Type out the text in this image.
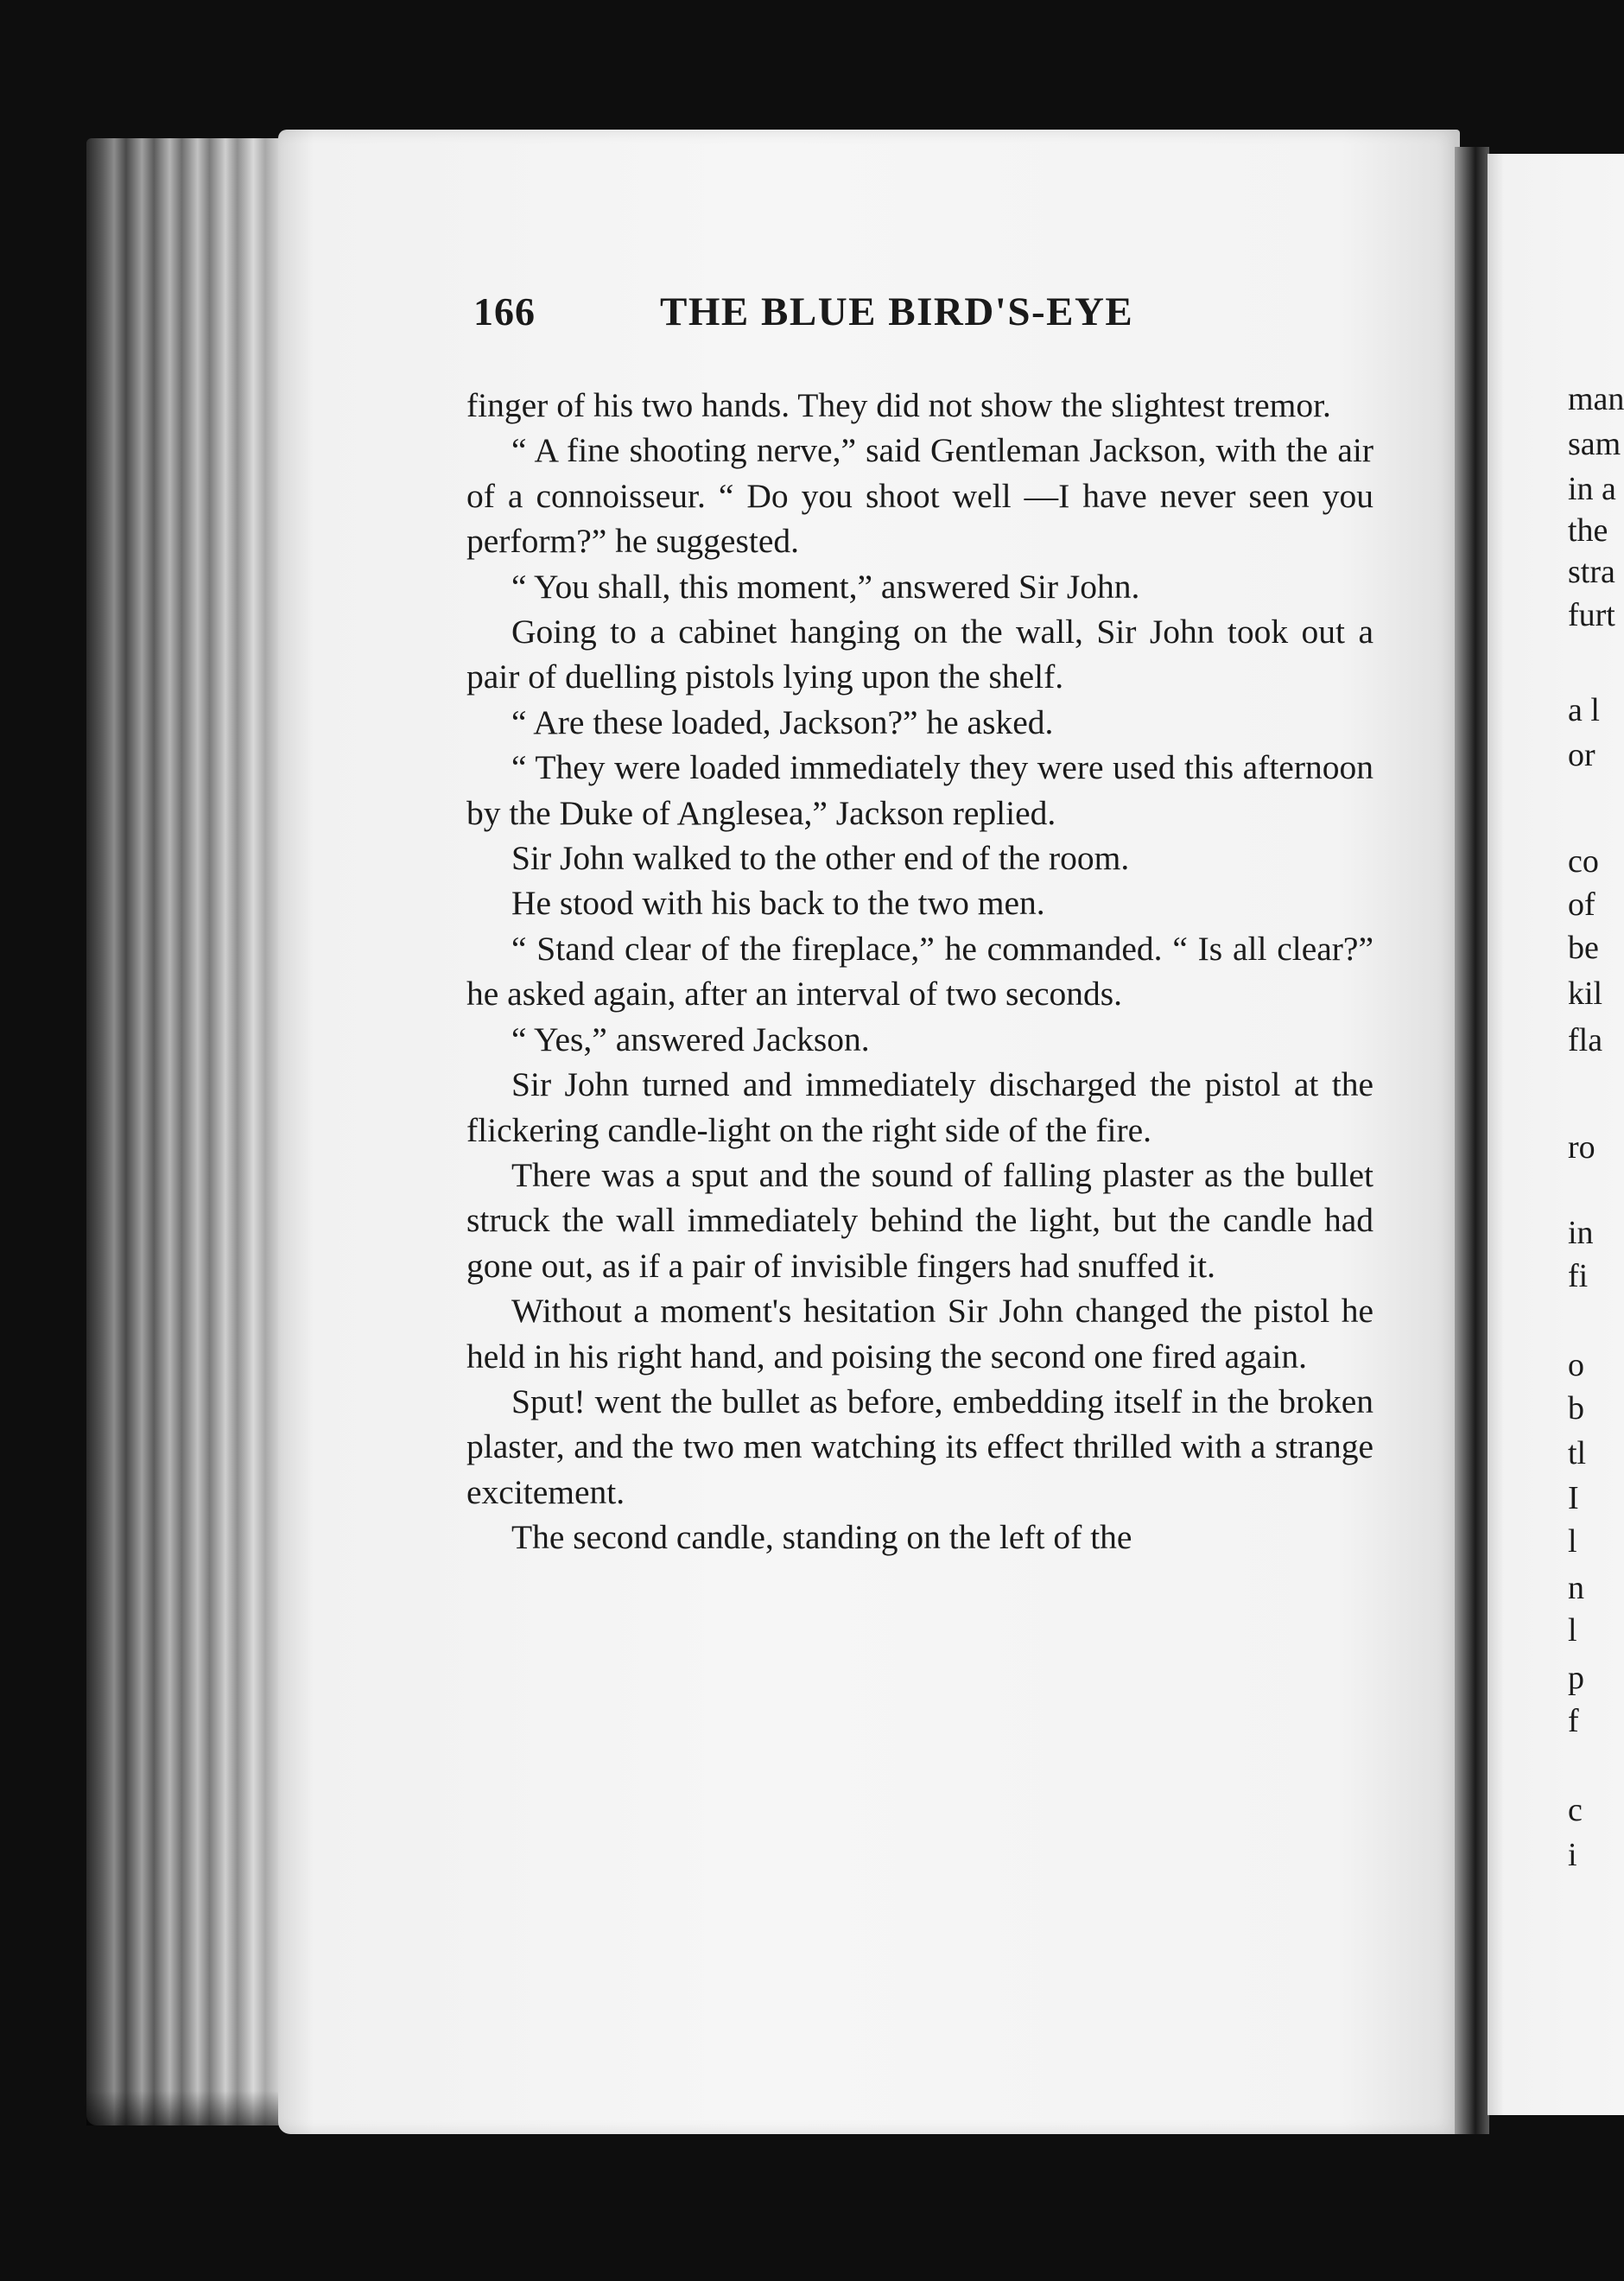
166	THE BLUE BIRD'S-EYE

finger of his two hands. They did not show the slightest tremor.

“ A fine shooting nerve,” said Gentleman Jackson, with the air of a connoisseur. “ Do you shoot well —I have never seen you perform?” he suggested.

“ You shall, this moment,” answered Sir John.

Going to a cabinet hanging on the wall, Sir John took out a pair of duelling pistols lying upon the shelf.

“ Are these loaded, Jackson?” he asked.

“ They were loaded immediately they were used this afternoon by the Duke of Anglesea,” Jackson replied.

Sir John walked to the other end of the room.

He stood with his back to the two men.

“ Stand clear of the fireplace,” he commanded. “ Is all clear?” he asked again, after an interval of two seconds.

“ Yes,” answered Jackson.

Sir John turned and immediately discharged the pistol at the flickering candle-light on the right side of the fire.

There was a sput and the sound of falling plaster as the bullet struck the wall immediately behind the light, but the candle had gone out, as if a pair of invisible fingers had snuffed it.

Without a moment's hesitation Sir John changed the pistol he held in his right hand, and poising the second one fired again.

Sput! went the bullet as before, embedding itself in the broken plaster, and the two men watching its effect thrilled with a strange excitement.

The second candle, standing on the left of the

man
sam
in a
the
stra
furt
a l
or
co
of
be
kil
fla
ro
in
fi
o
b
tl
I
l
n
l
p
f
c
i
